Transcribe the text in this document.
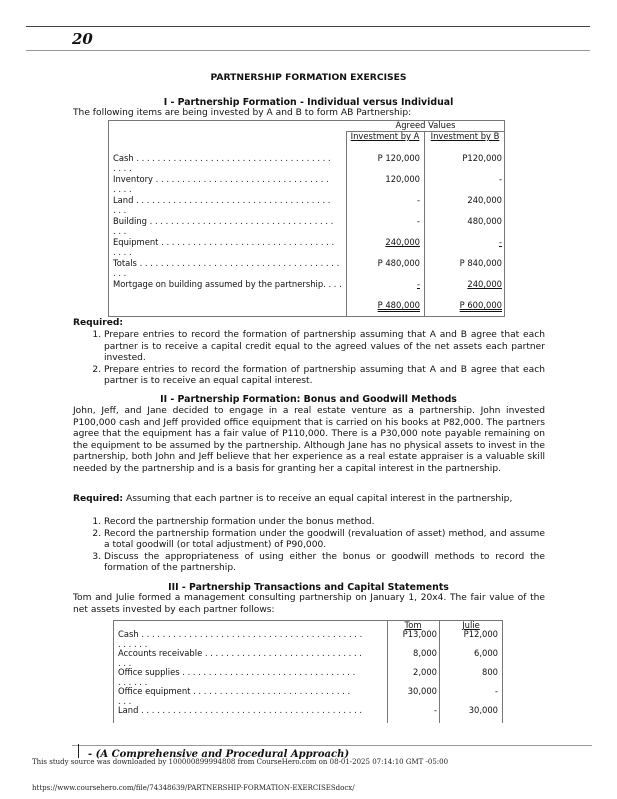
20
PARTNERSHIP FORMATION EXERCISES
I - Partnership Formation - Individual versus Individual
The following items are being invested by A and B to form AB Partnership:
Agreed Values
Investment by A	Investment by B
Cash . . . . . . . . . . . . . . . . . . . . . . . . . . . . . . . . . . . . .
. . . .
Inventory . . . . . . . . . . . . . . . . . . . . . . . . . . . . . . . . .
. . . .
Land . . . . . . . . . . . . . . . . . . . . . . . . . . . . . . . . . . . . .
. . .
Building . . . . . . . . . . . . . . . . . . . . . . . . . . . . . . . . . . .
. . .
Equipment . . . . . . . . . . . . . . . . . . . . . . . . . . . . . . . . .
. . . .
Totals . . . . . . . . . . . . . . . . . . . . . . . . . . . . . . . . . . . . . .
. . .
Mortgage on building assumed by the partnership. . . .
P 120,000
120,000
-
-
240,000
P 480,000
-
P 480,000
P120,000
-
240,000
480,000
-
P 840,000
240,000
P 600,000
Required:
1. Prepare entries to record the formation of partnership assuming that A and B agree that each partner is to receive a capital credit equal to the agreed values of the net assets each partner invested.
2. Prepare entries to record the formation of partnership assuming that A and B agree that each partner is to receive an equal capital interest.
II - Partnership Formation: Bonus and Goodwill Methods
John, Jeff, and Jane decided to engage in a real estate venture as a partnership. John invested P100,000 cash and Jeff provided office equipment that is carried on his books at P82,000. The partners agree that the equipment has a fair value of P110,000. There is a P30,000 note payable remaining on the equipment to be assumed by the partnership. Although Jane has no physical assets to invest in the partnership, both John and Jeff believe that her experience as a real estate appraiser is a valuable skill needed by the partnership and is a basis for granting her a capital interest in the partnership.
Required: Assuming that each partner is to receive an equal capital interest in the partnership,
1. Record the partnership formation under the bonus method.
2. Record the partnership formation under the goodwill (revaluation of asset) method, and assume a total goodwill (or total adjustment) of P90,000.
3. Discuss the appropriateness of using either the bonus or goodwill methods to record the formation of the partnership.
III - Partnership Transactions and Capital Statements
Tom and Julie formed a management consulting partnership on January 1, 20x4. The fair value of the net assets invested by each partner follows:
Tom	Julie
Cash . . . . . . . . . . . . . . . . . . . . . . . . . . . . . . . . . . . . . . . . . .
. . . . . .
Accounts receivable . . . . . . . . . . . . . . . . . . . . . . . . . . . . . .
. . .
Office supplies . . . . . . . . . . . . . . . . . . . . . . . . . . . . . . . . .
. . . . . .
Office equipment . . . . . . . . . . . . . . . . . . . . . . . . . . . . . .
. . .
Land . . . . . . . . . . . . . . . . . . . . . . . . . . . . . . . . . . . . . . . . . .
P13,000
8,000
2,000
30,000
-
P12,000
6,000
800
-
30,000
- (A Comprehensive and Procedural Approach)
This study source was downloaded by 100000899994808 from CourseHero.com on 08-01-2025 07:14:10 GMT -05:00
https://www.coursehero.com/file/74348639/PARTNERSHIP-FORMATION-EXERCISESdocx/
